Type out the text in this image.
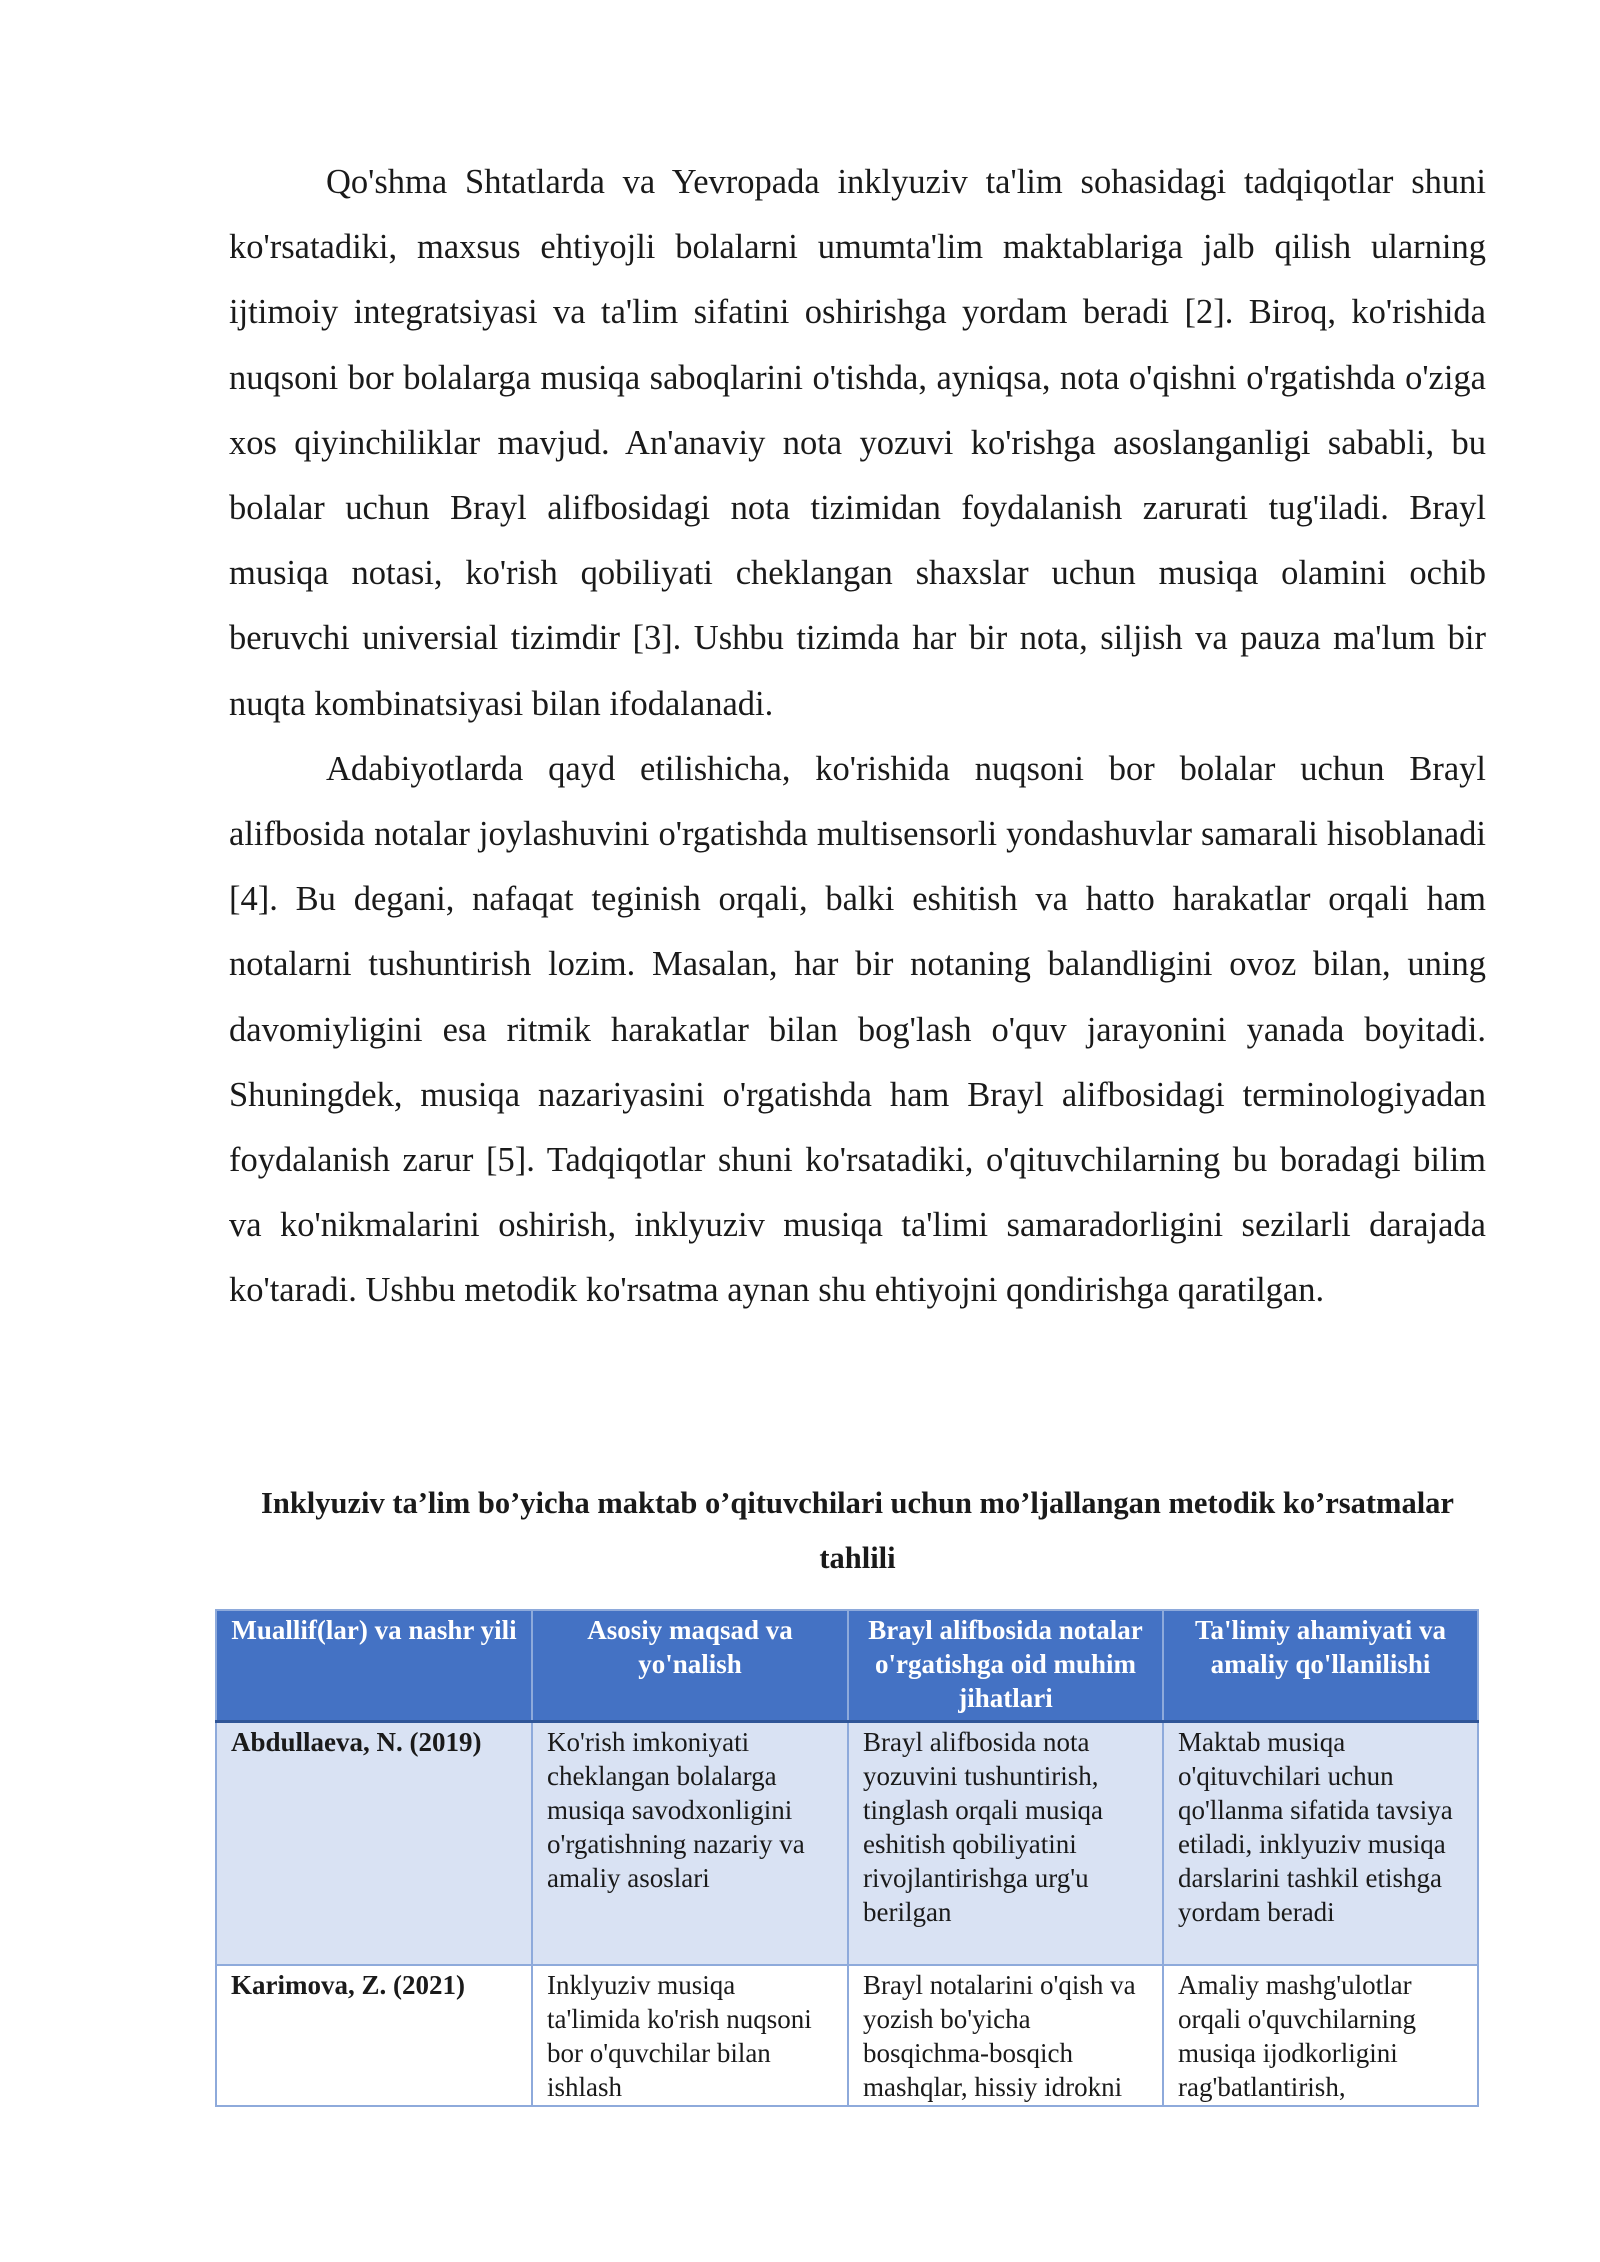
Qo'shma Shtatlarda va Yevropada inklyuziv ta'lim sohasidagi tadqiqotlar shuni ko'rsatadiki, maxsus ehtiyojli bolalarni umumta'lim maktablariga jalb qilish ularning ijtimoiy integratsiyasi va ta'lim sifatini oshirishga yordam beradi [2]. Biroq, ko'rishida nuqsoni bor bolalarga musiqa saboqlarini o'tishda, ayniqsa, nota o'qishni o'rgatishda o'ziga xos qiyinchiliklar mavjud. An'anaviy nota yozuvi ko'rishga asoslanganligi sababli, bu bolalar uchun Brayl alifbosidagi nota tizimidan foydalanish zarurati tug'iladi. Brayl musiqa notasi, ko'rish qobiliyati cheklangan shaxslar uchun musiqa olamini ochib beruvchi universial tizimdir [3]. Ushbu tizimda har bir nota, siljish va pauza ma'lum bir nuqta kombinatsiyasi bilan ifodalanadi.

Adabiyotlarda qayd etilishicha, ko'rishida nuqsoni bor bolalar uchun Brayl alifbosida notalar joylashuvini o'rgatishda multisensorli yondashuvlar samarali hisoblanadi [4]. Bu degani, nafaqat teginish orqali, balki eshitish va hatto harakatlar orqali ham notalarni tushuntirish lozim. Masalan, har bir notaning balandligini ovoz bilan, uning davomiyligini esa ritmik harakatlar bilan bog'lash o'quv jarayonini yanada boyitadi. Shuningdek, musiqa nazariyasini o'rgatishda ham Brayl alifbosidagi terminologiyadan foydalanish zarur [5]. Tadqiqotlar shuni ko'rsatadiki, o'qituvchilarning bu boradagi bilim va ko'nikmalarini oshirish, inklyuziv musiqa ta'limi samaradorligini sezilarli darajada ko'taradi. Ushbu metodik ko'rsatma aynan shu ehtiyojni qondirishga qaratilgan.

Inklyuziv ta’lim bo’yicha maktab o’qituvchilari uchun mo’ljallangan metodik ko’rsatmalar tahlili
Muallif(lar) va nashr yili	Asosiy maqsad va yo'nalish	Brayl alifbosida notalar o'rgatishga oid muhim jihatlari	Ta'limiy ahamiyati va amaliy qo'llanilishi
Abdullaeva, N. (2019)	Ko'rish imkoniyati cheklangan bolalarga musiqa savodxonligini o'rgatishning nazariy va amaliy asoslari	Brayl alifbosida nota yozuvini tushuntirish, tinglash orqali musiqa eshitish qobiliyatini rivojlantirishga urg'u berilgan	Maktab musiqa o'qituvchilari uchun qo'llanma sifatida tavsiya etiladi, inklyuziv musiqa darslarini tashkil etishga yordam beradi
Karimova, Z. (2021)	Inklyuziv musiqa ta'limida ko'rish nuqsoni bor o'quvchilar bilan ishlash	Brayl notalarini o'qish va yozish bo'yicha bosqichma-bosqich mashqlar, hissiy idrokni	Amaliy mashg'ulotlar orqali o'quvchilarning musiqa ijodkorligini rag'batlantirish,
